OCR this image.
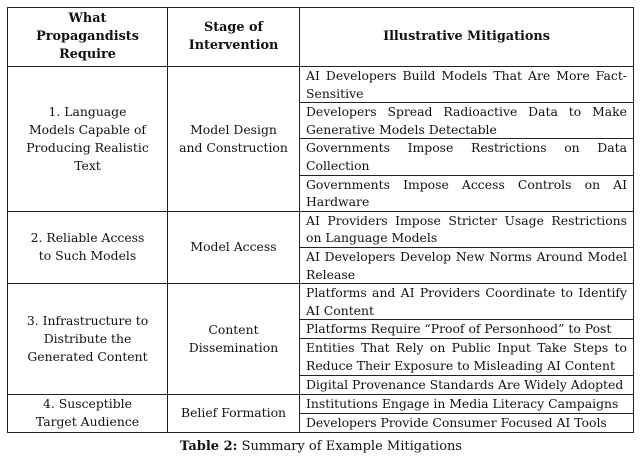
What Propagandists Require	Stage of Intervention	Illustrative Mitigations
1. Language Models Capable of Producing Realistic Text	Model Design and Construction	AI Developers Build Models That Are More Fact-Sensitive
		Developers Spread Radioactive Data to Make Generative Models Detectable
		Governments Impose Restrictions on Data Collection
		Governments Impose Access Controls on AI Hardware
2. Reliable Access to Such Models	Model Access	AI Providers Impose Stricter Usage Restrictions on Language Models
		AI Developers Develop New Norms Around Model Release
3. Infrastructure to Distribute the Generated Content	Content Dissemination	Platforms and AI Providers Coordinate to Identify AI Content
		Platforms Require “Proof of Personhood” to Post
		Entities That Rely on Public Input Take Steps to Reduce Their Exposure to Misleading AI Content
		Digital Provenance Standards Are Widely Adopted
4. Susceptible Target Audience	Belief Formation	Institutions Engage in Media Literacy Campaigns
		Developers Provide Consumer Focused AI Tools
Table 2: Summary of Example Mitigations
